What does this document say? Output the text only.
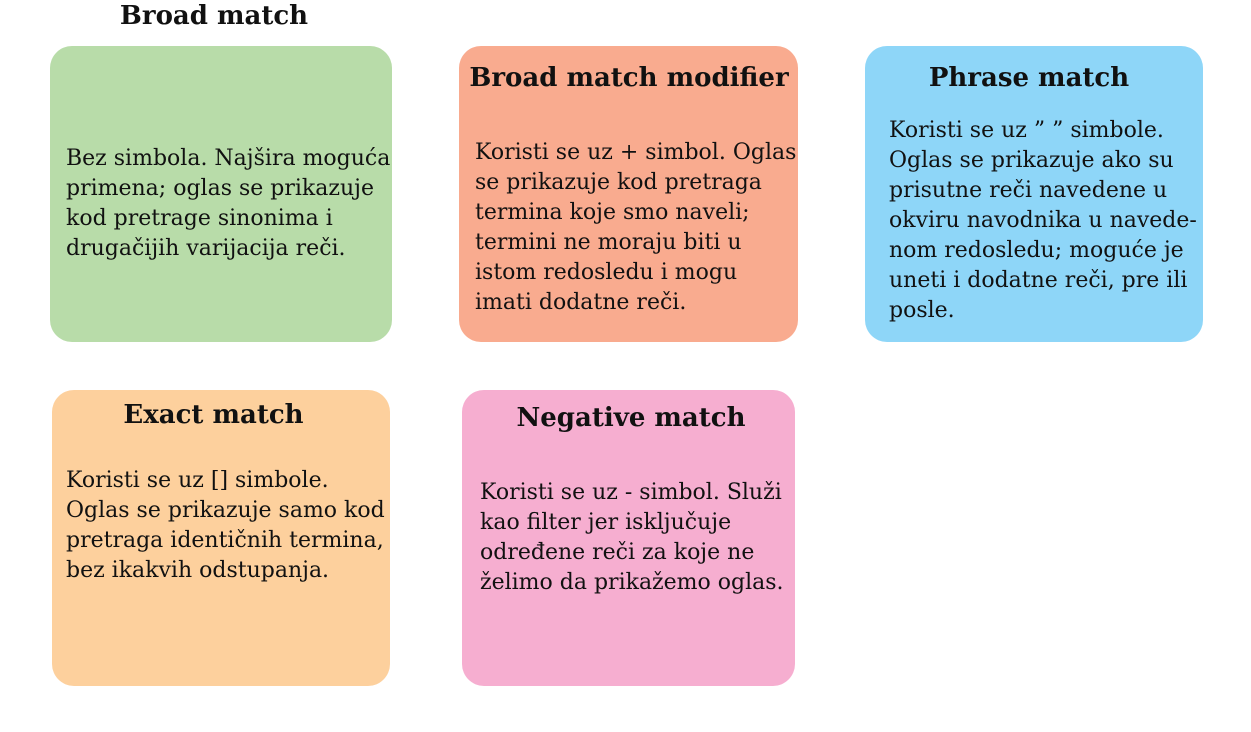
Broad match
Bez simbola. Najšira moguća
primena; oglas se prikazuje
kod pretrage sinonima i
drugačijih varijacija reči.
Broad match modifier
Koristi se uz + simbol. Oglas
se prikazuje kod pretraga
termina koje smo naveli;
termini ne moraju biti u
istom redosledu i mogu
imati dodatne reči.
Phrase match
Koristi se uz ” ” simbole.
Oglas se prikazuje ako su
prisutne reči navedene u
okviru navodnika u navede-
nom redosledu; moguće je
uneti i dodatne reči, pre ili
posle.
Exact match
Koristi se uz [] simbole.
Oglas se prikazuje samo kod
pretraga identičnih termina,
bez ikakvih odstupanja.
Negative match
Koristi se uz - simbol. Služi
kao filter jer isključuje
određene reči za koje ne
želimo da prikažemo oglas.
